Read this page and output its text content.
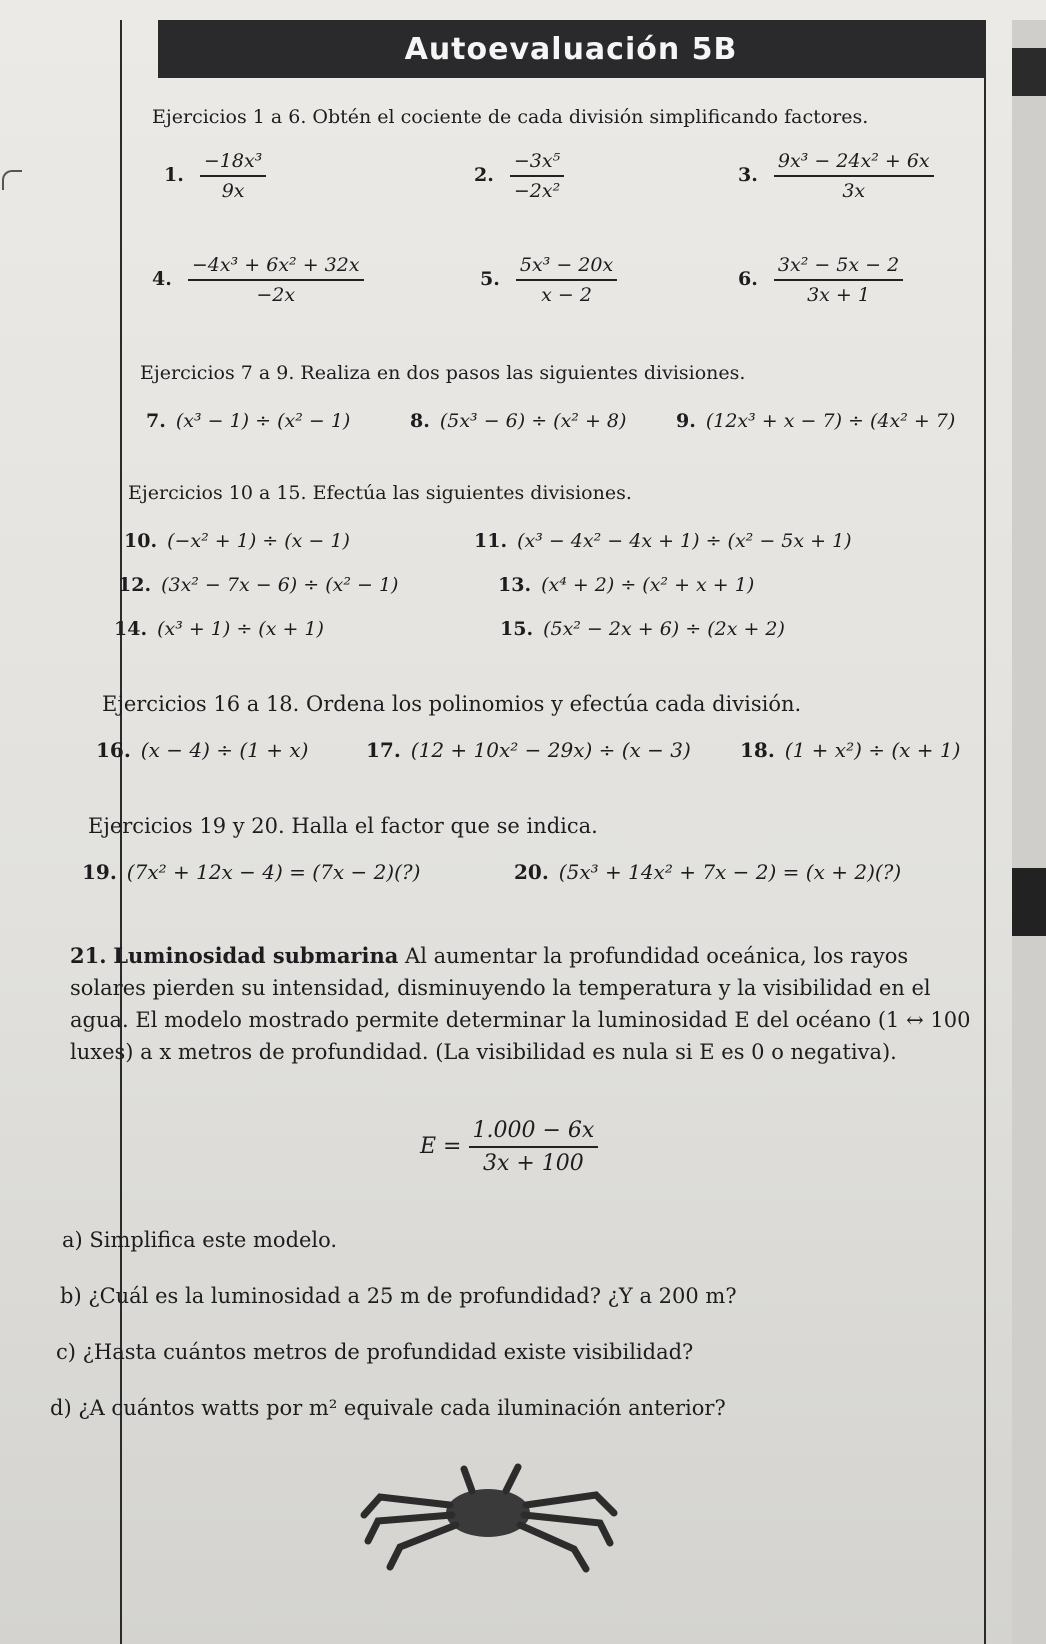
Autoevaluación 5B
Ejercicios 1 a 6. Obtén el cociente de cada división simplificando factores.
1. $\frac{\text{−18x³}}{9x}$	2. $\frac{\text{−3x⁵}}{\text{−2x²}}$	3. $\frac{\text{9x³ − 24x² + 6x}}{3x}$
4. $\frac{\text{−4x³ + 6x² + 32x}}{-2x}$	5. $\frac{\text{5x³ − 20x}}{x - 2}$	6. $\frac{\text{3x² − 5x − 2}}{3x + 1}$
Ejercicios 7 a 9. Realiza en dos pasos las siguientes divisiones.
7. (x³ − 1) ÷ (x² − 1)	8. (5x³ − 6) ÷ (x² + 8)	9. (12x³ + x − 7) ÷ (4x² + 7)
Ejercicios 10 a 15. Efectúa las siguientes divisiones.
10. (−x² + 1) ÷ (x − 1)	11. (x³ − 4x² − 4x + 1) ÷ (x² − 5x + 1)
12. (3x² − 7x − 6) ÷ (x² − 1)	13. (x⁴ + 2) ÷ (x² + x + 1)
14. (x³ + 1) ÷ (x + 1)	15. (5x² − 2x + 6) ÷ (2x + 2)
Ejercicios 16 a 18. Ordena los polinomios y efectúa cada división.
16. (x − 4) ÷ (1 + x)	17. (12 + 10x² − 29x) ÷ (x − 3) 18. (1 + x²) ÷ (x + 1)
Ejercicios 19 y 20. Halla el factor que se indica.
19. (7x² + 12x − 4) = (7x − 2)(?)	20. (5x³ + 14x² + 7x − 2) = (x + 2)(?)
21. Luminosidad submarina Al aumentar la profundidad oceánica, los rayos solares pierden su intensidad, disminuyendo la temperatura y la visibilidad en el agua. El modelo mostrado permite determinar la luminosidad E del océano (1 ↔ 100 luxes) a x metros de profundidad. (La visibilidad es nula si E es 0 o negativa).
$E = \frac{1.000 - 6x}{3x + 100}$
a) Simplifica este modelo.
b) ¿Cuál es la luminosidad a 25 m de profundidad? ¿Y a 200 m?
c) ¿Hasta cuántos metros de profundidad existe visibilidad?
d) ¿A cuántos watts por m² equivale cada iluminación anterior?
